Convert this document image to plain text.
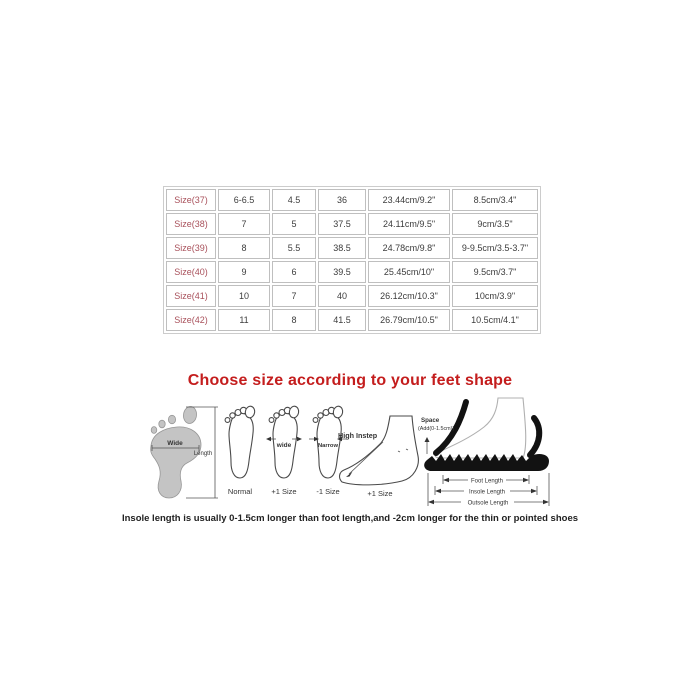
Size(37)	6-6.5	4.5	36	23.44cm/9.2"	8.5cm/3.4"
Size(38)	7	5	37.5	24.11cm/9.5"	9cm/3.5"
Size(39)	8	5.5	38.5	24.78cm/9.8"	9-9.5cm/3.5-3.7"
Size(40)	9	6	39.5	25.45cm/10"	9.5cm/3.7"
Size(41)	10	7	40	26.12cm/10.3"	10cm/3.9"
Size(42)	11	8	41.5	26.79cm/10.5"	10.5cm/4.1"
Choose size according to your feet shape
Wide
Length
Normal
wide
+1 Size
Narrow
-1 Size
High Instep
+1 Size
Space
(Add(0-1.5cm))
Foot Length
Insole Length
Outsole Length
Insole length is usually 0-1.5cm longer than foot length,and -2cm longer for the thin or pointed shoes
